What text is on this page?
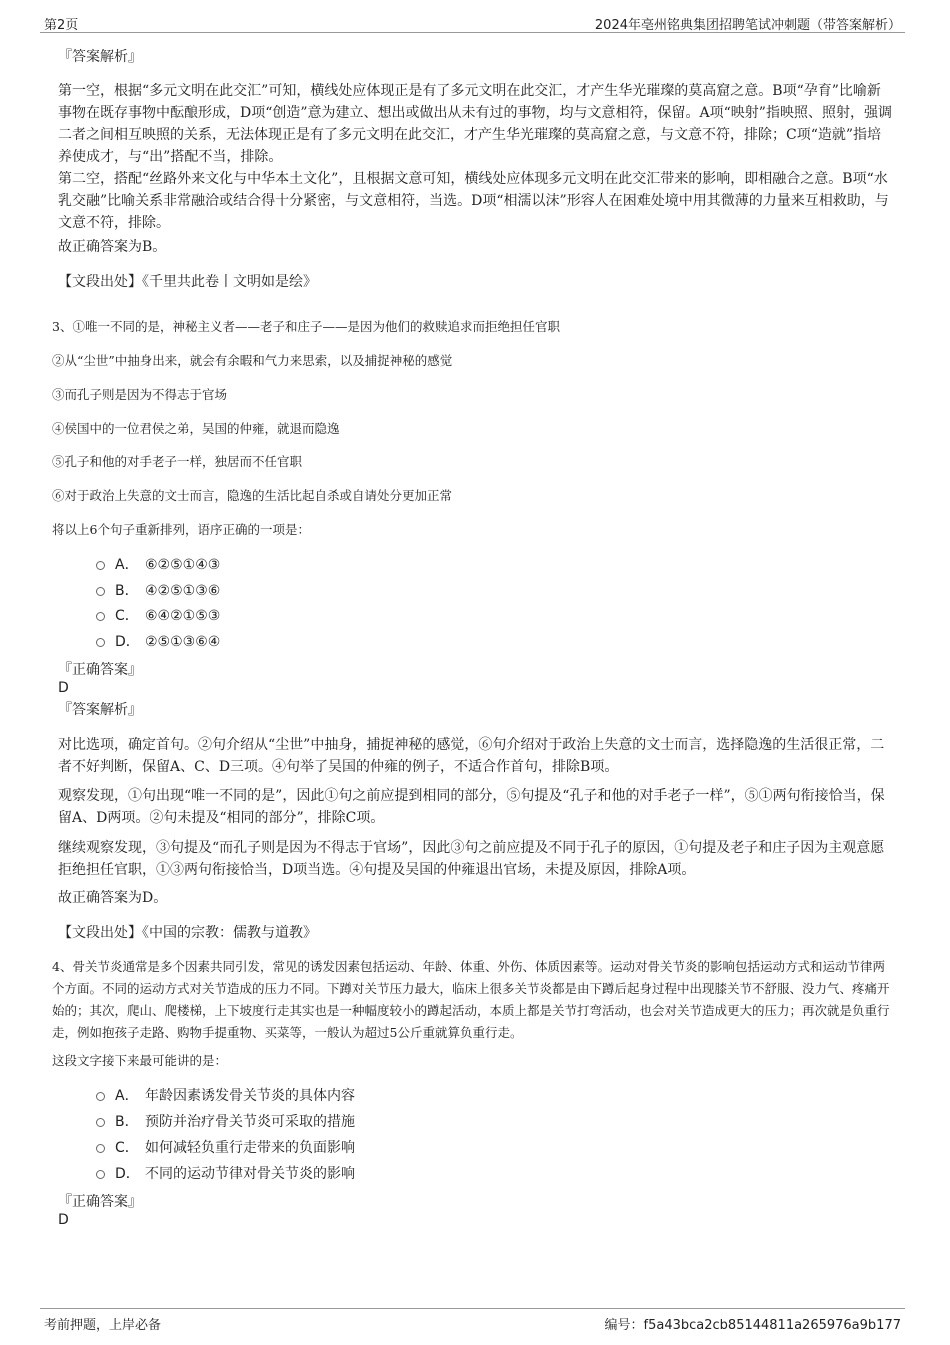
第2页	2024年亳州铭典集团招聘笔试冲刺题（带答案解析）
『答案解析』
第一空，根据“多元文明在此交汇”可知，横线处应体现正是有了多元文明在此交汇，才产生华光璀璨的莫高窟之意。B项“孕育”比喻新事物在既存事物中酝酿形成，D项“创造”意为建立、想出或做出从未有过的事物，均与文意相符，保留。A项“映射”指映照、照射，强调二者之间相互映照的关系，无法体现正是有了多元文明在此交汇，才产生华光璀璨的莫高窟之意，与文意不符，排除；C项“造就”指培养使成才，与“出”搭配不当，排除。
第二空，搭配“丝路外来文化与中华本土文化”，且根据文意可知，横线处应体现多元文明在此交汇带来的影响，即相融合之意。B项“水乳交融”比喻关系非常融洽或结合得十分紧密，与文意相符，当选。D项“相濡以沫”形容人在困难处境中用其微薄的力量来互相救助，与文意不符，排除。
故正确答案为B。
【文段出处】《千里共此卷丨文明如是绘》
3、①唯一不同的是，神秘主义者——老子和庄子——是因为他们的救赎追求而拒绝担任官职
②从“尘世”中抽身出来，就会有余暇和气力来思索，以及捕捉神秘的感觉
③而孔子则是因为不得志于官场
④侯国中的一位君侯之弟，吴国的仲雍，就退而隐逸
⑤孔子和他的对手老子一样，独居而不任官职
⑥对于政治上失意的文士而言，隐逸的生活比起自杀或自请处分更加正常
将以上6个句子重新排列，语序正确的一项是：
A． ⑥②⑤①④③
B． ④②⑤①③⑥
C． ⑥④②①⑤③
D． ②⑤①③⑥④
『正确答案』
D
『答案解析』
对比选项，确定首句。②句介绍从“尘世”中抽身，捕捉神秘的感觉，⑥句介绍对于政治上失意的文士而言，选择隐逸的生活很正常，二者不好判断，保留A、C、D三项。④句举了吴国的仲雍的例子，不适合作首句，排除B项。
观察发现，①句出现“唯一不同的是”，因此①句之前应提到相同的部分，⑤句提及“孔子和他的对手老子一样”，⑤①两句衔接恰当，保留A、D两项。②句未提及“相同的部分”，排除C项。
继续观察发现，③句提及“而孔子则是因为不得志于官场”，因此③句之前应提及不同于孔子的原因，①句提及老子和庄子因为主观意愿拒绝担任官职，①③两句衔接恰当，D项当选。④句提及吴国的仲雍退出官场，未提及原因，排除A项。
故正确答案为D。
【文段出处】《中国的宗教：儒教与道教》
4、骨关节炎通常是多个因素共同引发，常见的诱发因素包括运动、年龄、体重、外伤、体质因素等。运动对骨关节炎的影响包括运动方式和运动节律两个方面。不同的运动方式对关节造成的压力不同。下蹲对关节压力最大，临床上很多关节炎都是由下蹲后起身过程中出现膝关节不舒服、没力气、疼痛开始的；其次，爬山、爬楼梯，上下坡度行走其实也是一种幅度较小的蹲起活动，本质上都是关节打弯活动，也会对关节造成更大的压力；再次就是负重行走，例如抱孩子走路、购物手提重物、买菜等，一般认为超过5公斤重就算负重行走。
这段文字接下来最可能讲的是：
A． 年龄因素诱发骨关节炎的具体内容
B． 预防并治疗骨关节炎可采取的措施
C． 如何减轻负重行走带来的负面影响
D． 不同的运动节律对骨关节炎的影响
『正确答案』
D
考前押题，上岸必备	编号：f5a43bca2cb85144811a265976a9b177
